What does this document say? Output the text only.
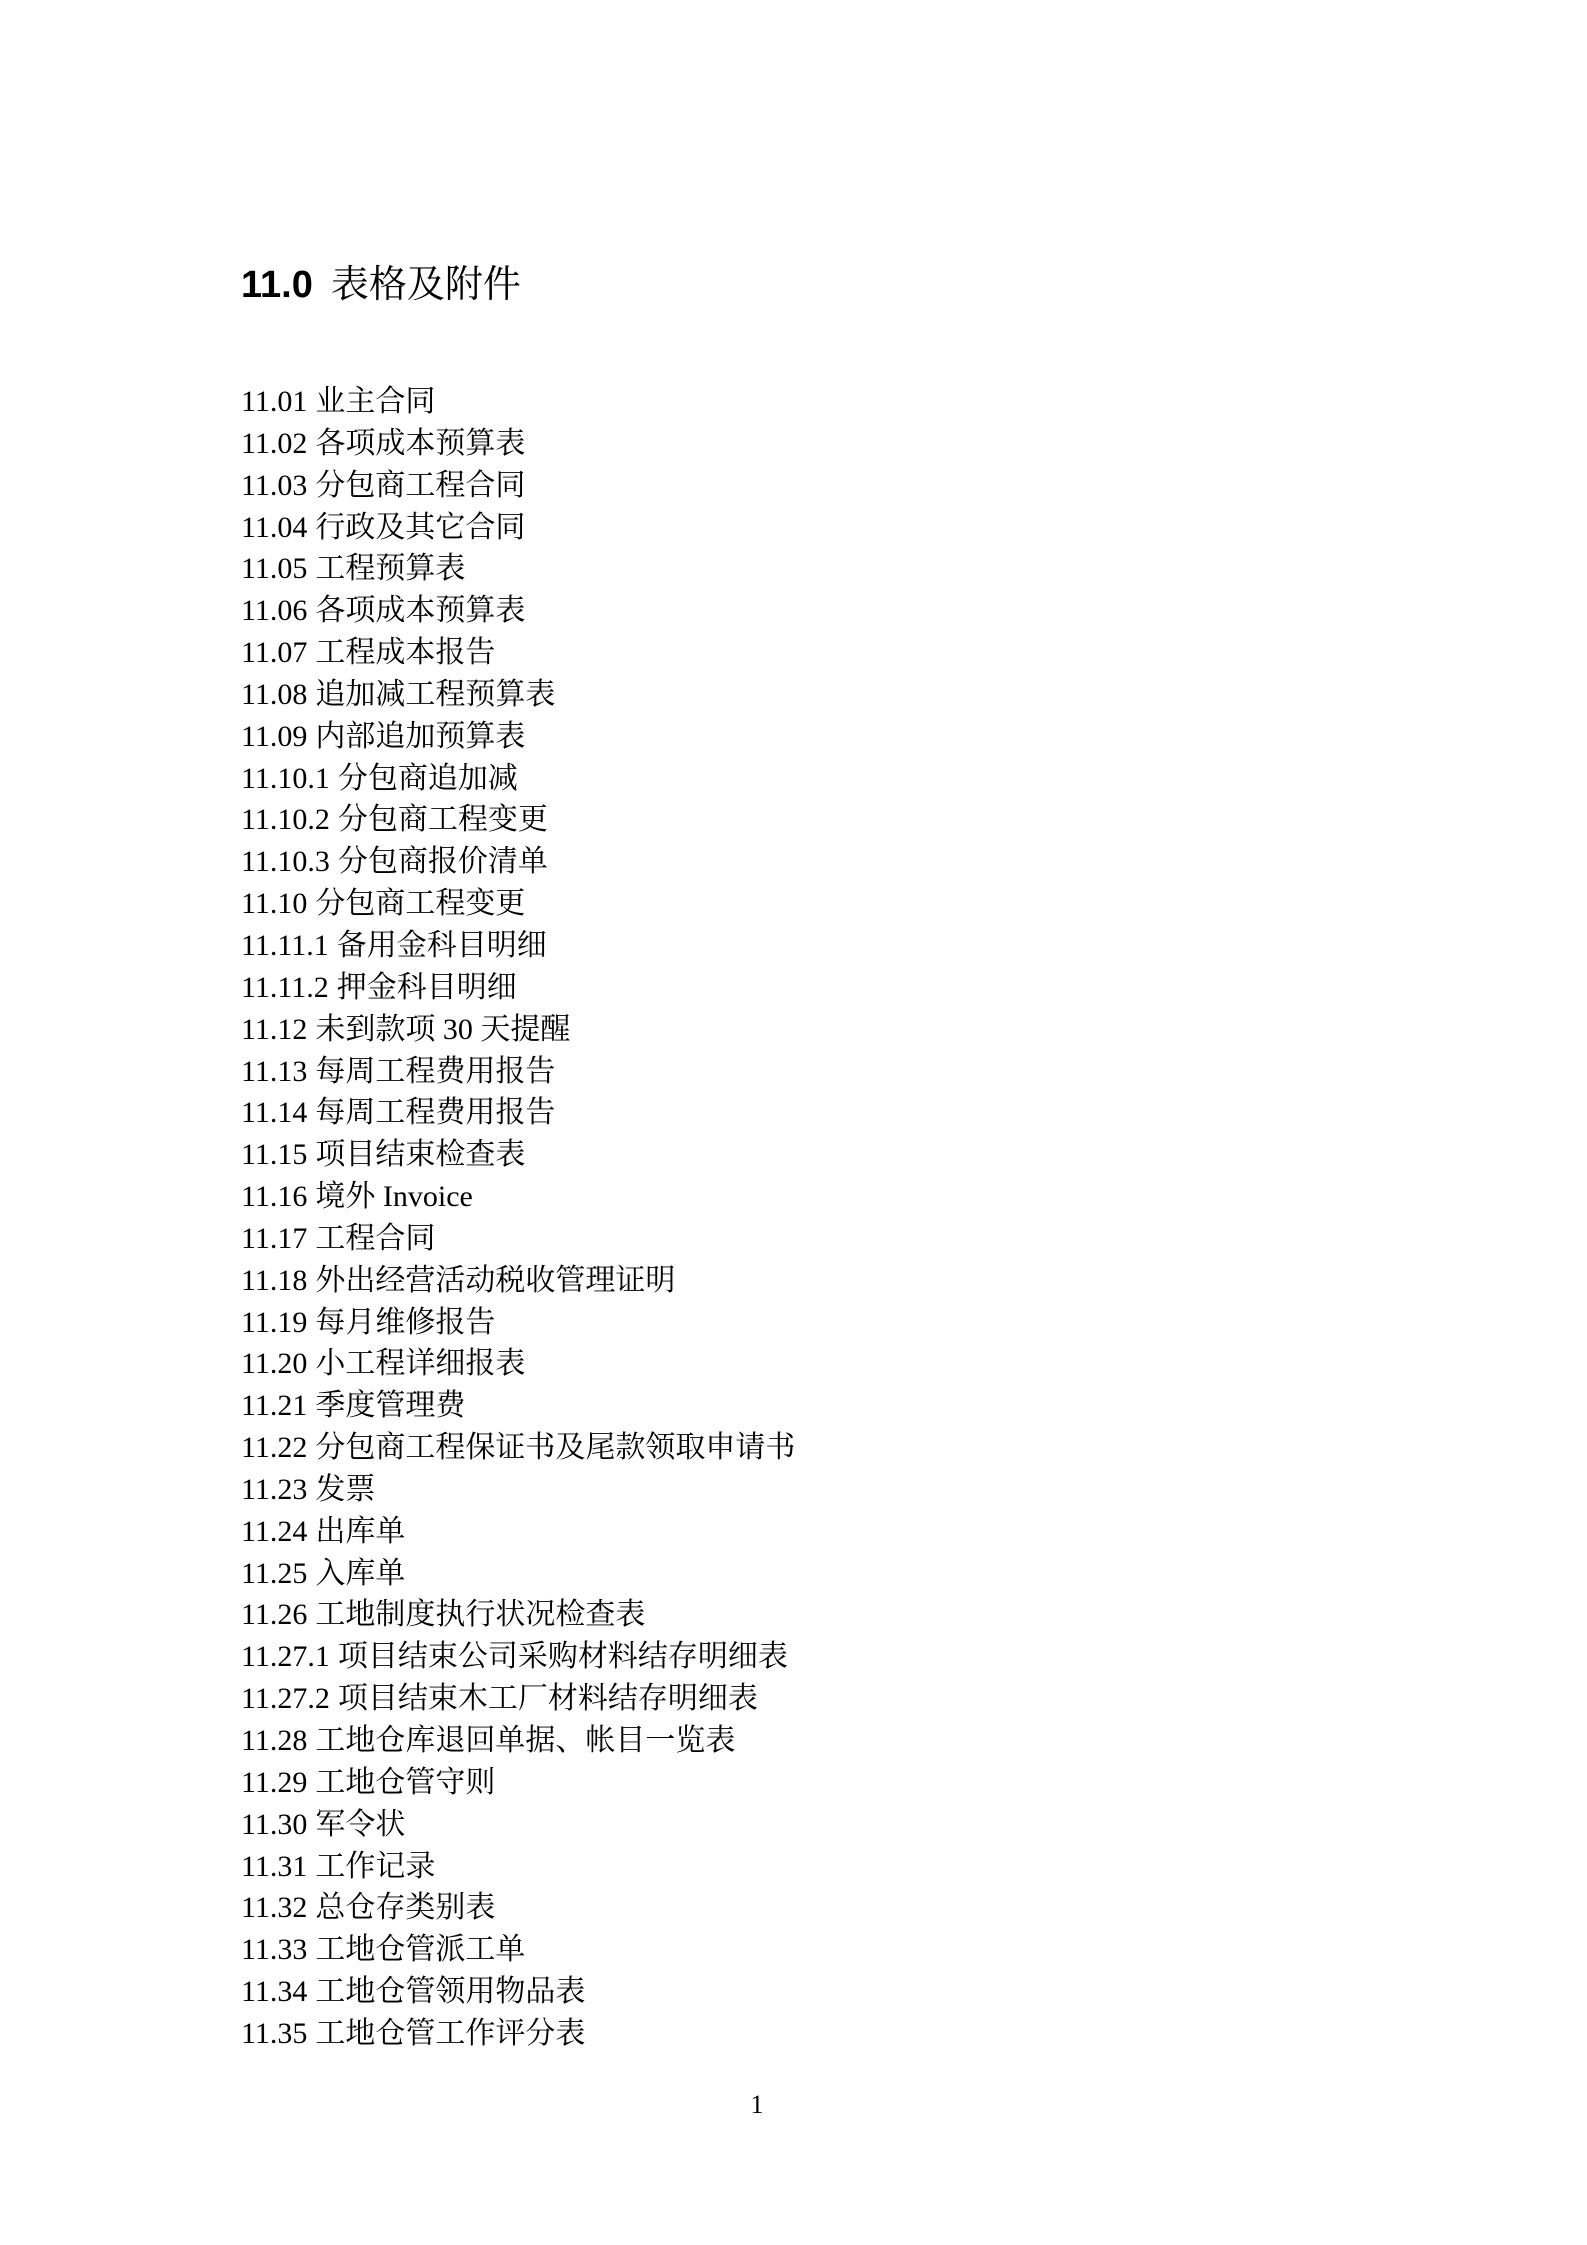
11.0 表格及附件
11.01 业主合同
11.02 各项成本预算表
11.03 分包商工程合同
11.04 行政及其它合同
11.05 工程预算表
11.06 各项成本预算表
11.07 工程成本报告
11.08 追加减工程预算表
11.09 内部追加预算表
11.10.1 分包商追加减
11.10.2 分包商工程变更
11.10.3 分包商报价清单
11.10 分包商工程变更
11.11.1 备用金科目明细
11.11.2 押金科目明细
11.12 未到款项 30 天提醒
11.13 每周工程费用报告
11.14 每周工程费用报告
11.15 项目结束检查表
11.16 境外 Invoice
11.17 工程合同
11.18 外出经营活动税收管理证明
11.19 每月维修报告
11.20 小工程详细报表
11.21 季度管理费
11.22 分包商工程保证书及尾款领取申请书
11.23 发票
11.24 出库单
11.25 入库单
11.26 工地制度执行状况检查表
11.27.1 项目结束公司采购材料结存明细表
11.27.2 项目结束木工厂材料结存明细表
11.28 工地仓库退回单据、帐目一览表
11.29 工地仓管守则
11.30 军令状
11.31 工作记录
11.32 总仓存类别表
11.33 工地仓管派工单
11.34 工地仓管领用物品表
11.35 工地仓管工作评分表
1
